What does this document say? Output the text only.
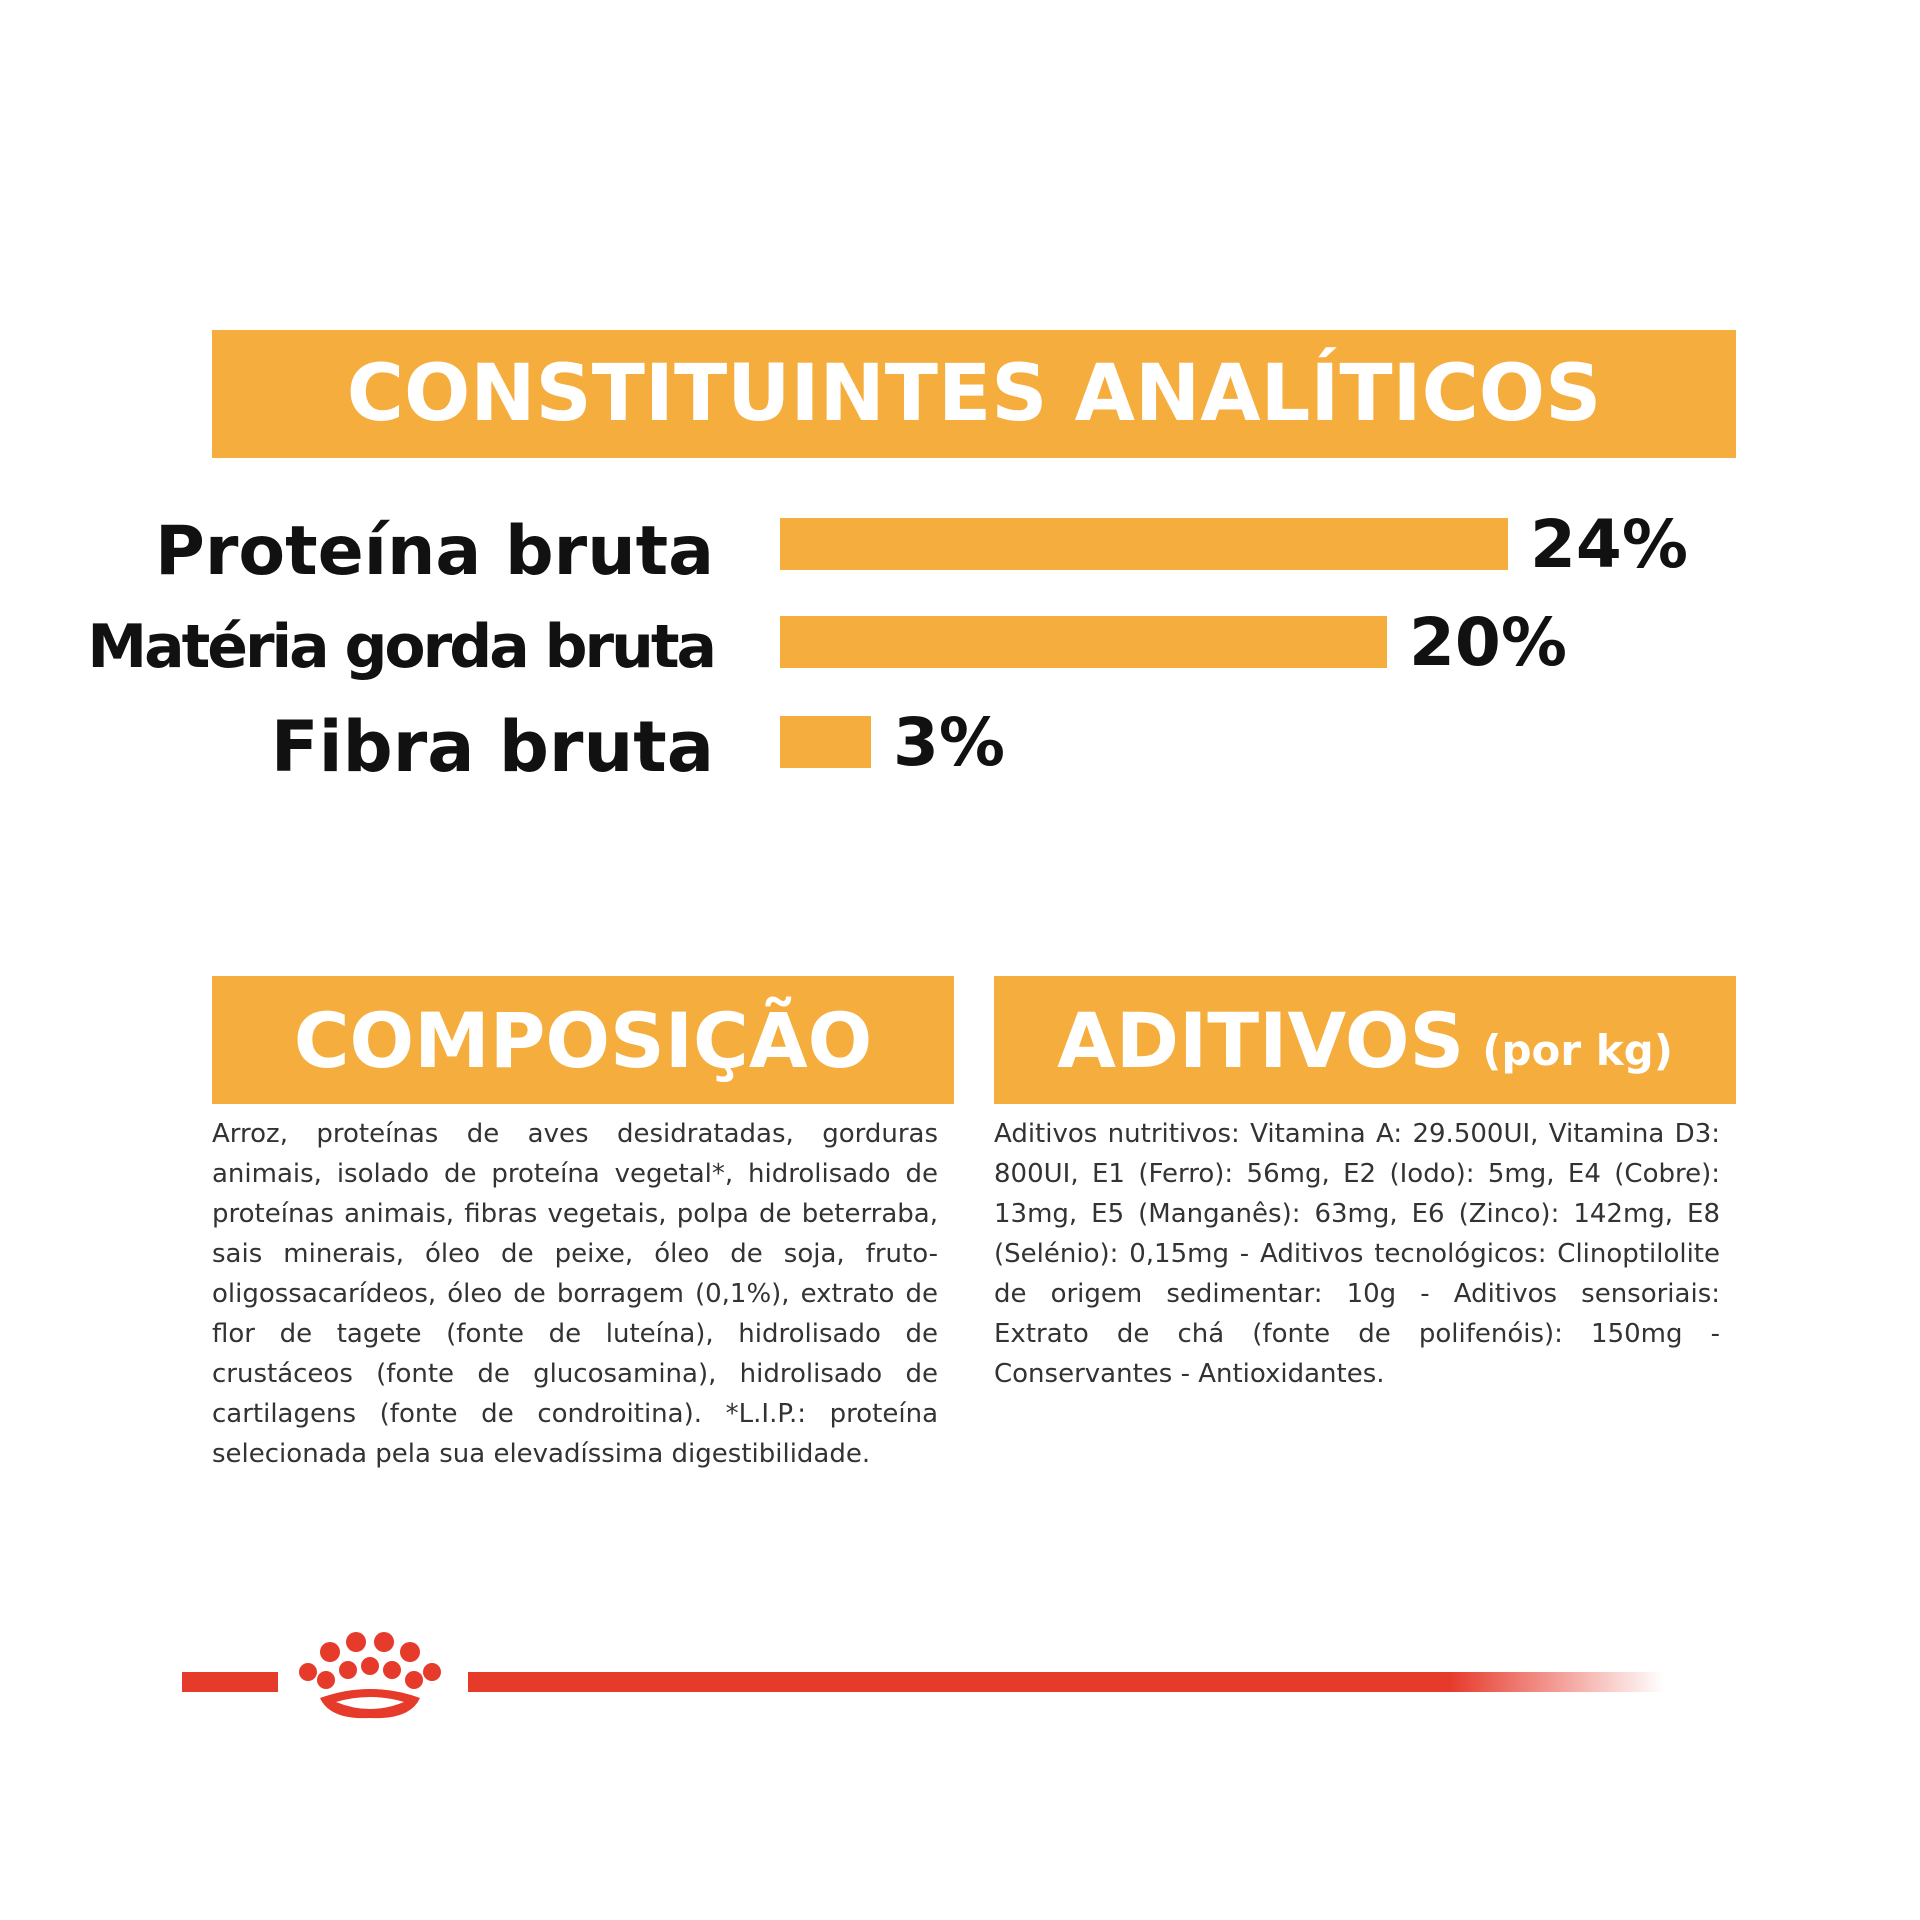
CONSTITUINTES ANALÍTICOS
Proteína bruta	24%
Matéria gorda bruta	20%
Fibra bruta	3%
COMPOSIÇÃO ADITIVOS (por kg)
Arroz, proteínas de aves desidratadas, gorduras animais, isolado de proteína vegetal*, hidrolisado de proteínas animais, fibras vegetais, polpa de beterraba, sais minerais, óleo de peixe, óleo de soja, fruto-oligossacarídeos, óleo de borragem (0,1%), extrato de flor de tagete (fonte de luteína), hidrolisado de crustáceos (fonte de glucosamina), hidrolisado de cartilagens (fonte de condroitina). *L.I.P.: proteína selecionada pela sua elevadíssima digestibilidade.
Aditivos nutritivos: Vitamina A: 29.500UI, Vitamina D3: 800UI, E1 (Ferro): 56mg, E2 (Iodo): 5mg, E4 (Cobre): 13mg, E5 (Manganês): 63mg, E6 (Zinco): 142mg, E8 (Selénio): 0,15mg - Aditivos tecnológicos: Clinoptilolite de origem sedimentar: 10g - Aditivos sensoriais: Extrato de chá (fonte de polifenóis): 150mg - Conservantes - Antioxidantes.
